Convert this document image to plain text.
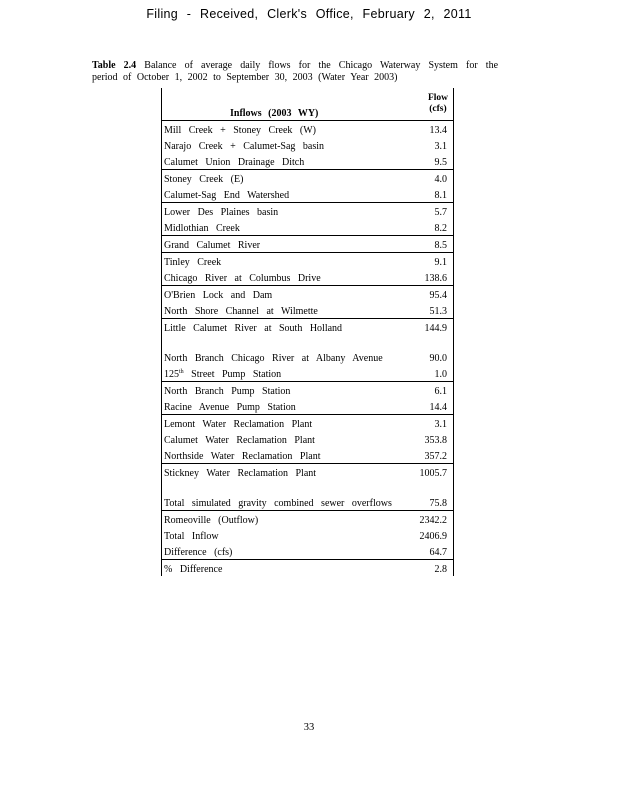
Filing - Received, Clerk's Office, February 2, 2011
Table 2.4 Balance of average daily flows for the Chicago Waterway System for the
period of October 1, 2002 to September 30, 2003 (Water Year 2003)
Inflows (2003 WY)
Flow
(cfs)
Mill Creek + Stoney Creek (W)	13.4
Narajo Creek + Calumet-Sag basin	3.1
Calumet Union Drainage Ditch	9.5
Stoney Creek (E)	4.0
Calumet-Sag End Watershed	8.1
Lower Des Plaines basin	5.7
Midlothian Creek	8.2
Grand Calumet River	8.5
Tinley Creek	9.1
Chicago River at Columbus Drive	138.6
O'Brien Lock and Dam	95.4
North Shore Channel at Wilmette	51.3
Little Calumet River at South Holland	144.9
North Branch Chicago River at Albany Avenue	90.0
125th Street Pump Station	1.0
North Branch Pump Station	6.1
Racine Avenue Pump Station	14.4
Lemont Water Reclamation Plant	3.1
Calumet Water Reclamation Plant	353.8
Northside Water Reclamation Plant	357.2
Stickney Water Reclamation Plant	1005.7
Total simulated gravity combined sewer overflows	75.8
Romeoville (Outflow)	2342.2
Total Inflow	2406.9
Difference (cfs)	64.7
% Difference	2.8
33
